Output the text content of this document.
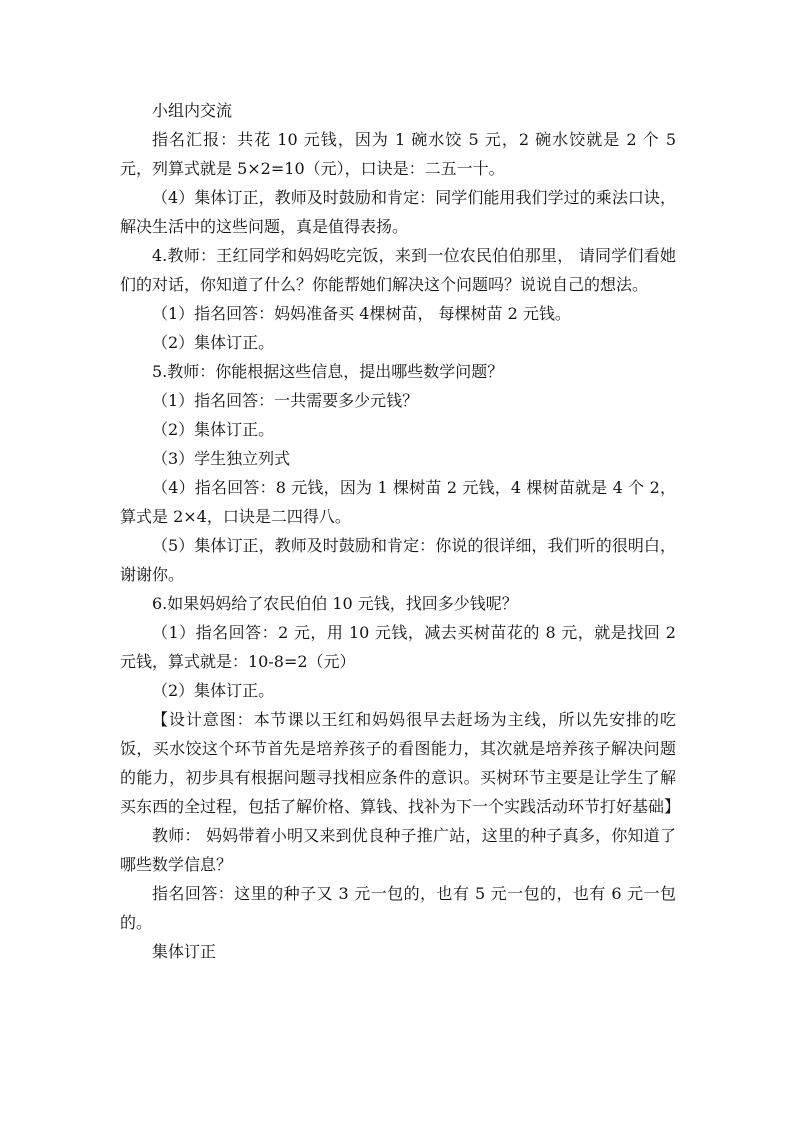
小组内交流

指名汇报：共花 10 元钱，因为 1 碗水饺 5 元，2 碗水饺就是 2 个 5 元，列算式就是 5×2=10（元），口诀是：二五一十。

（4）集体订正，教师及时鼓励和肯定：同学们能用我们学过的乘法口诀，解决生活中的这些问题，真是值得表扬。

4.教师：王红同学和妈妈吃完饭，来到一位农民伯伯那里， 请同学们看她们的对话，你知道了什么？你能帮她们解决这个问题吗？说说自己的想法。

（1）指名回答：妈妈准备买 4棵树苗， 每棵树苗 2 元钱。

（2）集体订正。

5.教师：你能根据这些信息，提出哪些数学问题？

（1）指名回答：一共需要多少元钱？

（2）集体订正。

（3）学生独立列式

（4）指名回答：8 元钱，因为 1 棵树苗 2 元钱，4 棵树苗就是 4 个 2，算式是 2×4，口诀是二四得八。

（5）集体订正，教师及时鼓励和肯定：你说的很详细，我们听的很明白，谢谢你。

6.如果妈妈给了农民伯伯 10 元钱，找回多少钱呢？

（1）指名回答：2 元，用 10 元钱，减去买树苗花的 8 元，就是找回 2 元钱，算式就是：10-8=2（元）

（2）集体订正。

【设计意图：本节课以王红和妈妈很早去赶场为主线，所以先安排的吃饭，买水饺这个环节首先是培养孩子的看图能力，其次就是培养孩子解决问题的能力，初步具有根据问题寻找相应条件的意识。买树环节主要是让学生了解买东西的全过程，包括了解价格、算钱、找补为下一个实践活动环节打好基础】

教师： 妈妈带着小明又来到优良种子推广站，这里的种子真多，你知道了哪些数学信息？

指名回答：这里的种子又 3 元一包的，也有 5 元一包的，也有 6 元一包的。

集体订正
